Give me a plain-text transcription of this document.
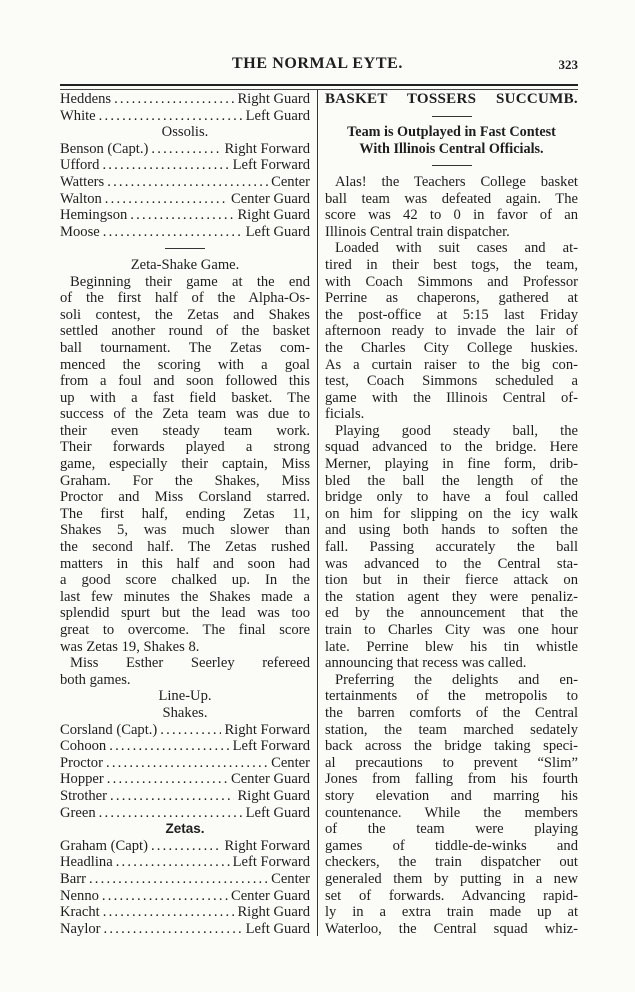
THE NORMAL EYTE.	323
Heddens .....	Right Guard
White .....	Left Guard
Ossolis.
Benson (Capt.) .....	Right Forward
Ufford .....	Left Forward
Watters .....	Center
Walton .....	Center Guard
Hemingson .....	Right Guard
Moose .....	Left Guard
Zeta-Shake Game.
Beginning their game at the end
of the first half of the Alpha-Os-
soli contest, the Zetas and Shakes
settled another round of the basket
ball tournament. The Zetas com-
menced the scoring with a goal
from a foul and soon followed this
up with a fast field basket. The
success of the Zeta team was due to
their even steady team work.
Their forwards played a strong
game, especially their captain, Miss
Graham. For the Shakes, Miss
Proctor and Miss Corsland starred.
The first half, ending Zetas 11,
Shakes 5, was much slower than
the second half. The Zetas rushed
matters in this half and soon had
a good score chalked up. In the
last few minutes the Shakes made a
splendid spurt but the lead was too
great to overcome. The final score
was Zetas 19, Shakes 8.
Miss Esther Seerley refereed
both games.
Line-Up.
Shakes.
Corsland (Capt.) .....	Right Forward
Cohoon .....	Left Forward
Proctor .....	Center
Hopper .....	Center Guard
Strother .....	Right Guard
Green .....	Left Guard
Zetas.
Graham (Capt) .....	Right Forward
Headlina .....	Left Forward
Barr .....	Center
Nenno .....	Center Guard
Kracht .....	Right Guard
Naylor .....	Left Guard
BASKET TOSSERS SUCCUMB.
Team is Outplayed in Fast Contest
With Illinois Central Officials.
Alas! the Teachers College basket
ball team was defeated again. The
score was 42 to 0 in favor of an
Illinois Central train dispatcher.
Loaded with suit cases and at-
tired in their best togs, the team,
with Coach Simmons and Professor
Perrine as chaperons, gathered at
the post-office at 5:15 last Friday
afternoon ready to invade the lair of
the Charles City College huskies.
As a curtain raiser to the big con-
test, Coach Simmons scheduled a
game with the Illinois Central of-
ficials.
Playing good steady ball, the
squad advanced to the bridge. Here
Merner, playing in fine form, drib-
bled the ball the length of the
bridge only to have a foul called
on him for slipping on the icy walk
and using both hands to soften the
fall. Passing accurately the ball
was advanced to the Central sta-
tion but in their fierce attack on
the station agent they were penaliz-
ed by the announcement that the
train to Charles City was one hour
late. Perrine blew his tin whistle
announcing that recess was called.
Preferring the delights and en-
tertainments of the metropolis to
the barren comforts of the Central
station, the team marched sedately
back across the bridge taking speci-
al precautions to prevent “Slim”
Jones from falling from his fourth
story elevation and marring his
countenance. While the members
of the team were playing
games of tiddle-de-winks and
checkers, the train dispatcher out
generaled them by putting in a new
set of forwards. Advancing rapid-
ly in a extra train made up at
Waterloo, the Central squad whiz-
